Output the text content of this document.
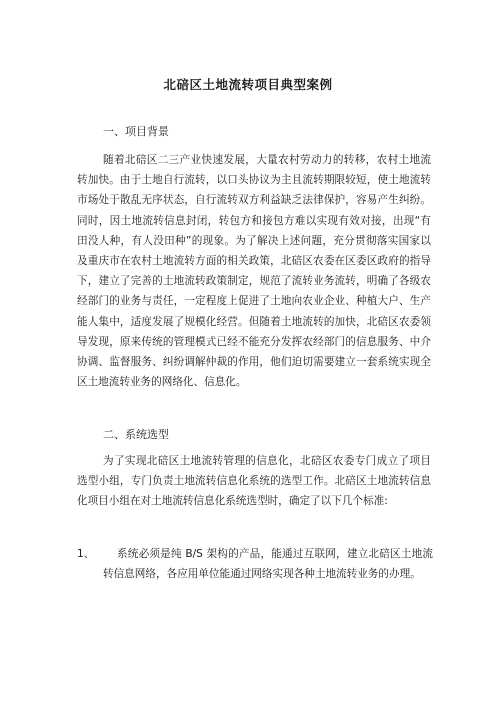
北碚区土地流转项目典型案例
一、项目背景

随着北碚区二三产业快速发展，大量农村劳动力的转移，农村土地流转加快。由于土地自行流转，以口头协议为主且流转期限较短，使土地流转市场处于散乱无序状态，自行流转双方利益缺乏法律保护，容易产生纠纷。同时，因土地流转信息封闭，转包方和接包方难以实现有效对接，出现“有田没人种，有人没田种”的现象。为了解决上述问题，充分贯彻落实国家以及重庆市在农村土地流转方面的相关政策，北碚区农委在区委区政府的指导下，建立了完善的土地流转政策制定，规范了流转业务流转，明确了各级农经部门的业务与责任，一定程度上促进了土地向农业企业、种植大户、生产能人集中，适度发展了规模化经营。但随着土地流转的加快，北碚区农委领导发现，原来传统的管理模式已经不能充分发挥农经部门的信息服务、中介协调、监督服务、纠纷调解仲裁的作用，他们迫切需要建立一套系统实现全区土地流转业务的网络化、信息化。

二、系统选型

为了实现北碚区土地流转管理的信息化，北碚区农委专门成立了项目选型小组，专门负责土地流转信息化系统的选型工作。北碚区土地流转信息化项目小组在对土地流转信息化系统选型时，确定了以下几个标准:

1、	系统必须是纯 B/S 架构的产品，能通过互联网，建立北碚区土地流转信息网络，各应用单位能通过网络实现各种土地流转业务的办理。
